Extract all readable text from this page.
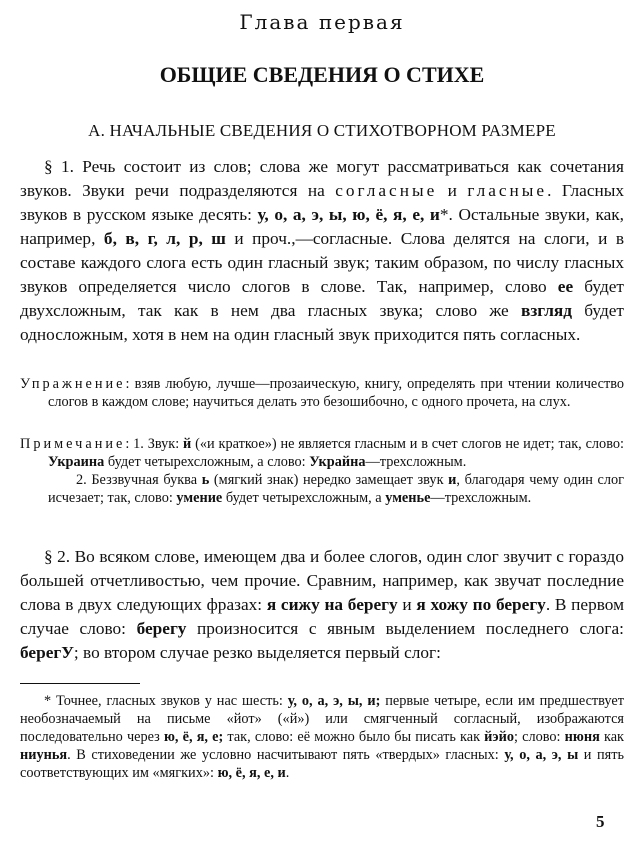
Глава первая
ОБЩИЕ СВЕДЕНИЯ О СТИХЕ
А. НАЧАЛЬНЫЕ СВЕДЕНИЯ О СТИХОТВОРНОМ РАЗМЕРЕ

§ 1. Речь состоит из слов; слова же могут рассматриваться как сочетания звуков. Звуки речи подразделяются на согласные и гласные. Гласных звуков в русском языке десять: у, о, а, э, ы, ю, ё, я, е, и*. Остальные звуки, как, например, б, в, г, л, р, ш и проч.,—согласные. Слова делятся на слоги, и в составе каждого слога есть один гласный звук; таким образом, по числу гласных звуков определяется число слогов в слове. Так, например, слово ее будет двухсложным, так как в нем два гласных звука; слово же взгляд будет односложным, хотя в нем на один гласный звук приходится пять согласных.

Упражнение: взяв любую, лучше—прозаическую, книгу, определять при чтении количество слогов в каждом слове; научиться делать это безошибочно, с одного прочета, на слух.

Примечание: 1. Звук: й («и краткое») не является гласным и в счет слогов не идет; так, слово: Украина будет четырехсложным, а слово: Украйна—трехсложным.

2. Беззвучная буква ь (мягкий знак) нередко замещает звук и, благодаря чему один слог исчезает; так, слово: умение будет четырехсложным, а уменье—трехсложным.

§ 2. Во всяком слове, имеющем два и более слогов, один слог звучит с гораздо большей отчетливостью, чем прочие. Сравним, например, как звучат последние слова в двух следующих фразах: я сижу на берегу и я хожу по берегу. В первом случае слово: берегу произносится с явным выделением последнего слога: берегУ; во втором случае резко выделяется первый слог:

* Точнее, гласных звуков у нас шесть: у, о, а, э, ы, и; первые четыре, если им предшествует необозначаемый на письме «йот» («й») или смягченный согласный, изображаются последовательно через ю, ё, я, е; так, слово: её можно было бы писать как йэйо; слово: нюня как ниунья. В стиховедении же условно насчитывают пять «твердых» гласных: у, о, а, э, ы и пять соответствующих им «мягких»: ю, ё, я, е, и.

5
